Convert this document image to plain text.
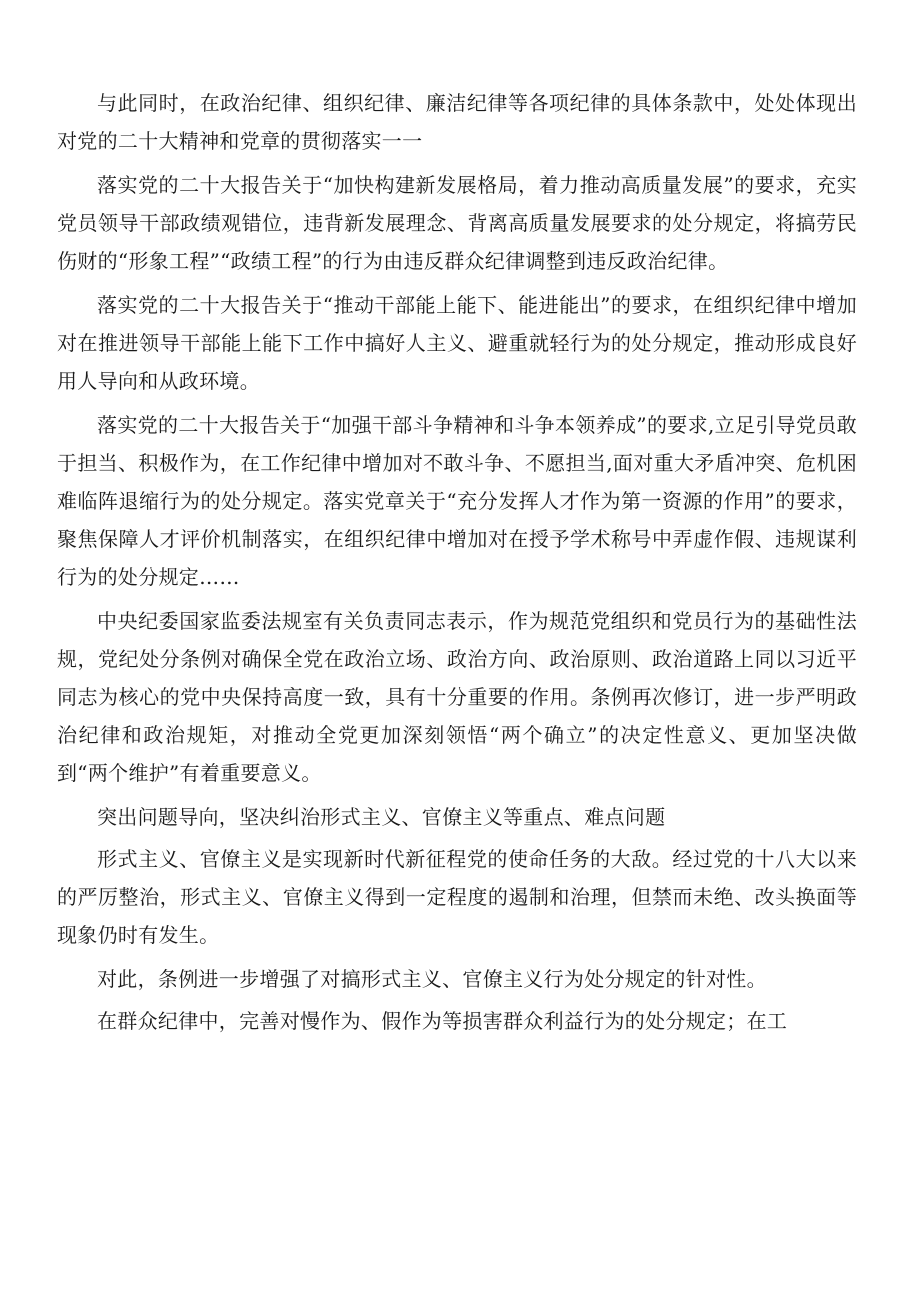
与此同时，在政治纪律、组织纪律、廉洁纪律等各项纪律的具体条款中，处处体现出对党的二十大精神和党章的贯彻落实一一

落实党的二十大报告关于“加快构建新发展格局，着力推动高质量发展”的要求，充实党员领导干部政绩观错位，违背新发展理念、背离高质量发展要求的处分规定，将搞劳民伤财的“形象工程”“政绩工程”的行为由违反群众纪律调整到违反政治纪律。

落实党的二十大报告关于“推动干部能上能下、能进能出”的要求，在组织纪律中增加对在推进领导干部能上能下工作中搞好人主义、避重就轻行为的处分规定，推动形成良好用人导向和从政环境。

落实党的二十大报告关于“加强干部斗争精神和斗争本领养成”的要求,立足引导党员敢于担当、积极作为，在工作纪律中增加对不敢斗争、不愿担当,面对重大矛盾冲突、危机困难临阵退缩行为的处分规定。落实党章关于“充分发挥人才作为第一资源的作用”的要求，聚焦保障人才评价机制落实，在组织纪律中增加对在授予学术称号中弄虚作假、违规谋利行为的处分规定……

中央纪委国家监委法规室有关负责同志表示，作为规范党组织和党员行为的基础性法规，党纪处分条例对确保全党在政治立场、政治方向、政治原则、政治道路上同以习近平同志为核心的党中央保持高度一致，具有十分重要的作用。条例再次修订，进一步严明政治纪律和政治规矩，对推动全党更加深刻领悟“两个确立”的决定性意义、更加坚决做到“两个维护”有着重要意义。

突出问题导向，坚决纠治形式主义、官僚主义等重点、难点问题

形式主义、官僚主义是实现新时代新征程党的使命任务的大敌。经过党的十八大以来的严厉整治，形式主义、官僚主义得到一定程度的遏制和治理，但禁而未绝、改头换面等现象仍时有发生。

对此，条例进一步增强了对搞形式主义、官僚主义行为处分规定的针对性。

在群众纪律中，完善对慢作为、假作为等损害群众利益行为的处分规定；在工
